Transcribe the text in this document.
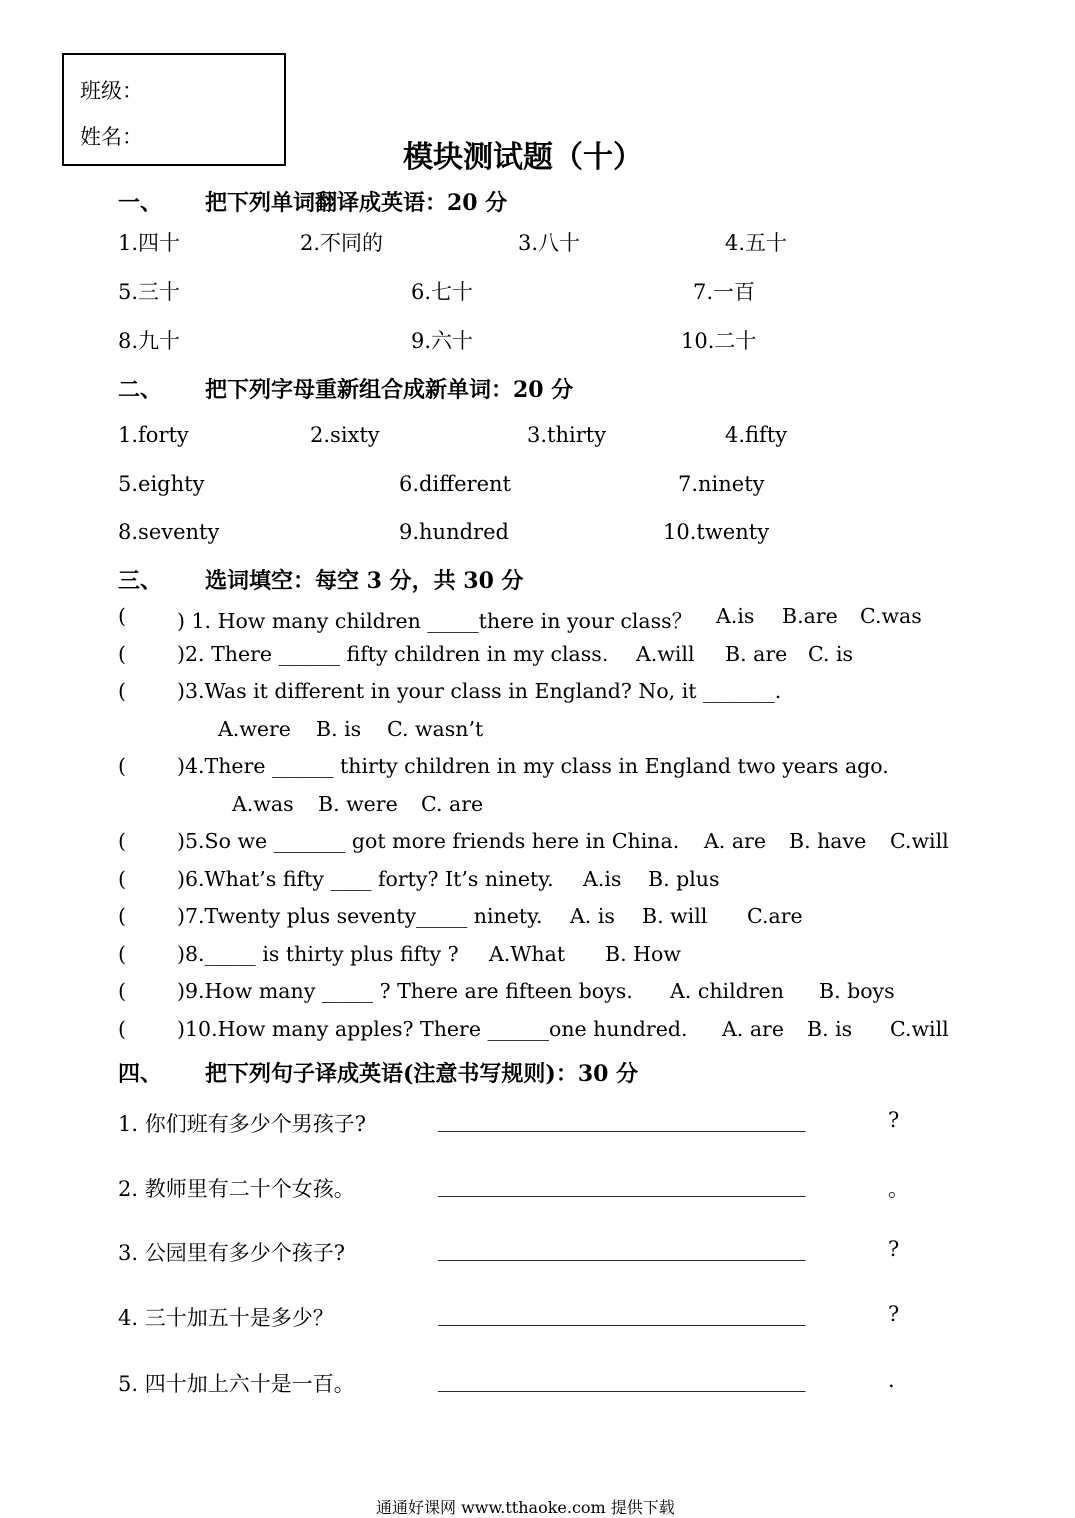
班级：
姓名：
模块测试题（十）
一、 把下列单词翻译成英语：20 分
1.四十	2.不同的	3.八十	4.五十
5.三十	6.七十	7.一百
8.九十	9.六十	10.二十
二、 把下列字母重新组合成新单词：20 分
1.forty	2.sixty	3.thirty	4.fifty
5.eighty	6.different	7.ninety
8.seventy	9.hundred	10.twenty
三、 选词填空：每空 3 分，共 30 分
( ) 1. How many children _____there in your class？ A.is B.are C.was
( )2. There ______ fifty children in my class. A.will B. are C. is
( )3.Was it different in your class in England? No, it _______.
A.were B. is C. wasn’t
( )4.There ______ thirty children in my class in England two years ago.
A.was B. were C. are
( )5.So we _______ got more friends here in China. A. are B. have C.will
( )6.What’s fifty ____ forty? It’s ninety. A.is B. plus
( )7.Twenty plus seventy_____ ninety. A. is B. will C.are
( )8._____ is thirty plus fifty ? A.What B. How
( )9.How many _____ ? There are fifteen boys. A. children B. boys
( )10.How many apples? There ______one hundred. A. are B. is C.will
四、 把下列句子译成英语(注意书写规则)：30 分
1. 你们班有多少个男孩子?	___________________________________	?
2. 教师里有二十个女孩。	___________________________________	。
3. 公园里有多少个孩子?	___________________________________	?
4. 三十加五十是多少？	___________________________________	?
5. 四十加上六十是一百。	___________________________________	.
通通好课网 www.tthaoke.com 提供下载
